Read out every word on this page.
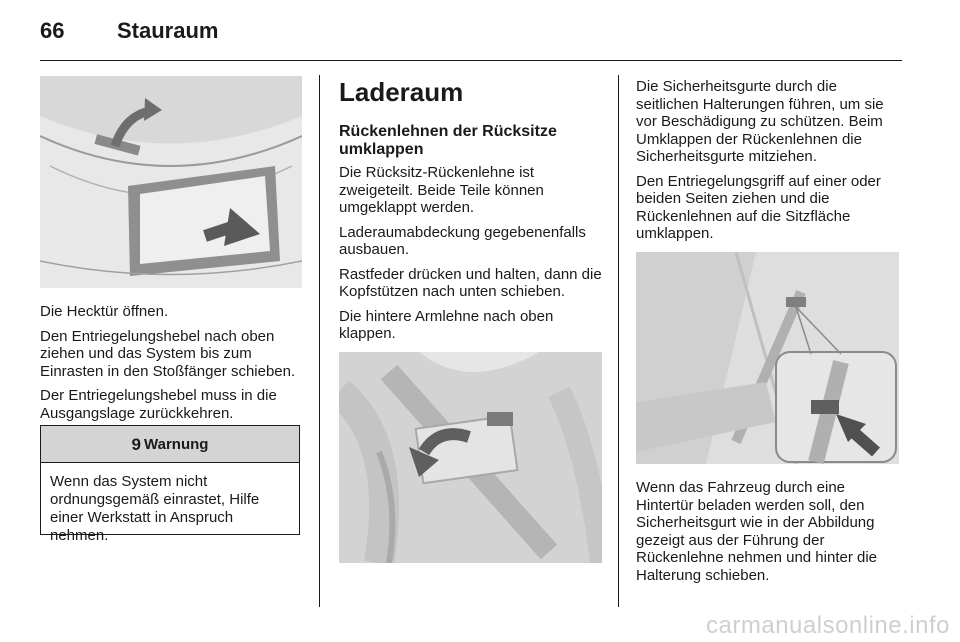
66 Stauraum

Die Hecktür öffnen.

Den Entriegelungshebel nach oben ziehen und das System bis zum Einrasten in den Stoßfänger schieben.

Der Entriegelungshebel muss in die Ausgangslage zurückkehren.

9 Warnung
Wenn das System nicht ordnungsgemäß einrastet, Hilfe einer Werkstatt in Anspruch nehmen.
Laderaum
Rückenlehnen der Rücksitze umklappen

Die Rücksitz-Rückenlehne ist zweigeteilt. Beide Teile können umgeklappt werden.

Laderaumabdeckung gegebenenfalls ausbauen.

Rastfeder drücken und halten, dann die Kopfstützen nach unten schieben.

Die hintere Armlehne nach oben klappen.

Die Sicherheitsgurte durch die seitlichen Halterungen führen, um sie vor Beschädigung zu schützen. Beim Umklappen der Rückenlehnen die Sicherheitsgurte mitziehen.

Den Entriegelungsgriff auf einer oder beiden Seiten ziehen und die Rückenlehnen auf die Sitzfläche umklappen.

Wenn das Fahrzeug durch eine Hintertür beladen werden soll, den Sicherheitsgurt wie in der Abbildung gezeigt aus der Führung der Rückenlehne nehmen und hinter die Halterung schieben.

carmanualsonline.info
